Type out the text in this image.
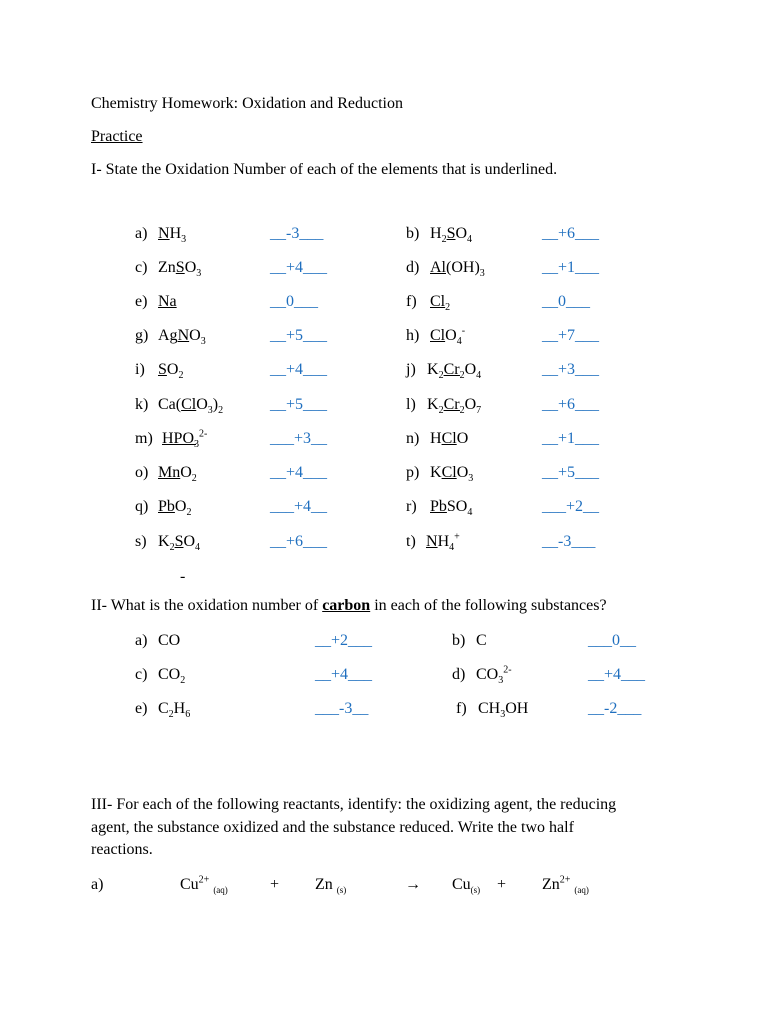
Chemistry Homework: Oxidation and Reduction
Practice
I- State the Oxidation Number of each of the elements that is underlined.
a) $NH_3$	__-3___	b) $H_2SO_4$	__+6___
c) ZnSO$_3$	__+4___	d) $Al(OH)_3$	__+1___
e) Na	__0___	f) $Cl_2$	__0___
g) AgNO$_3$	__+5___	h) ClO$_4$-	__+7___
i) $SO_2$	__+4___	j) $K_2Cr_2O_4$	__+3___
k) $Ca(ClO_3)_2$	__+5___	l) $K_2Cr_2O_7$	__+6___
m) $HPO_3^{2-}$	___+3__	n) HClO	__+1___
o) MnO$_2$	__+4___	p) KClO$_3$	__+5___
q) PbO$_2$	___+4__	r) PbSO$_4$	___+2__
s) $K_2SO_4$	__+6___	t) $NH_4^+$	__-3___
-
II- What is the oxidation number of carbon in each of the following substances?
a) CO	__+2___	b) C	___0__
c) $CO_2$	__+4___	d) $CO_3^{2-}$	__+4___
e) $C_2H_6$	___-3__	f) $CH_3OH$	__-2___
III- For each of the following reactants, identify: the oxidizing agent, the reducing
agent, the substance oxidized and the substance reduced. Write the two half
reactions.
a)	$Cu^{2+}$ $_{(aq)}$	+ Zn $_{(s)}$	→ $Cu_{(s)} + Zn^{2+}$ $_{(aq)}$
